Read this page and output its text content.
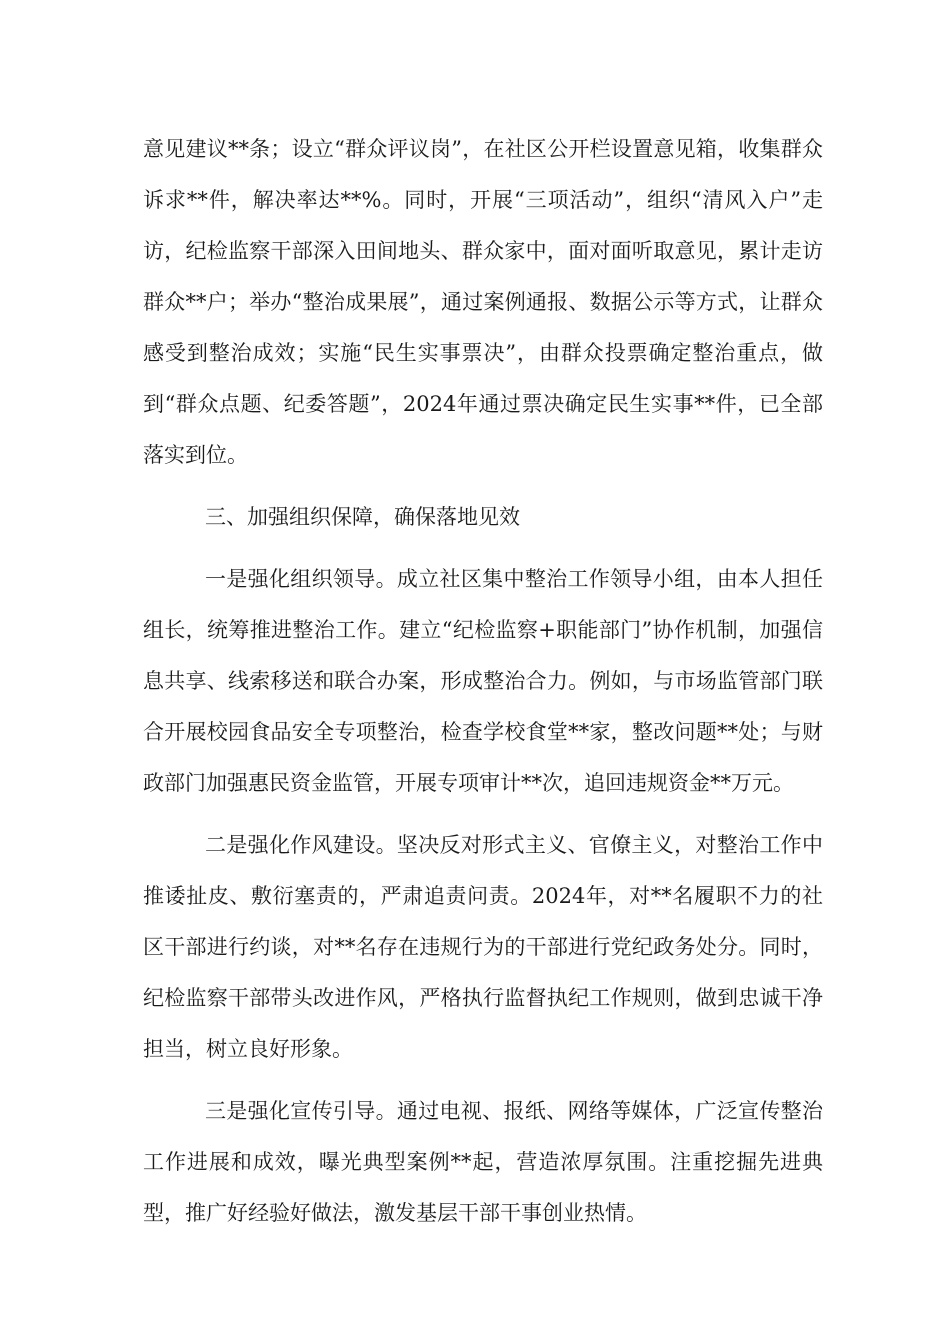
意见建议**条；设立“群众评议岗”，在社区公开栏设置意见箱，收集群众诉求**件，解决率达**%。同时，开展“三项活动”，组织“清风入户”走访，纪检监察干部深入田间地头、群众家中，面对面听取意见，累计走访群众**户；举办“整治成果展”，通过案例通报、数据公示等方式，让群众感受到整治成效；实施“民生实事票决”，由群众投票确定整治重点，做到“群众点题、纪委答题”，2024年通过票决确定民生实事**件，已全部落实到位。

三、加强组织保障，确保落地见效

一是强化组织领导。成立社区集中整治工作领导小组，由本人担任组长，统筹推进整治工作。建立“纪检监察+职能部门”协作机制，加强信息共享、线索移送和联合办案，形成整治合力。例如，与市场监管部门联合开展校园食品安全专项整治，检查学校食堂**家，整改问题**处；与财政部门加强惠民资金监管，开展专项审计**次，追回违规资金**万元。

二是强化作风建设。坚决反对形式主义、官僚主义，对整治工作中推诿扯皮、敷衍塞责的，严肃追责问责。2024年，对**名履职不力的社区干部进行约谈，对**名存在违规行为的干部进行党纪政务处分。同时，纪检监察干部带头改进作风，严格执行监督执纪工作规则，做到忠诚干净担当，树立良好形象。

三是强化宣传引导。通过电视、报纸、网络等媒体，广泛宣传整治工作进展和成效，曝光典型案例**起，营造浓厚氛围。注重挖掘先进典型，推广好经验好做法，激发基层干部干事创业热情。
